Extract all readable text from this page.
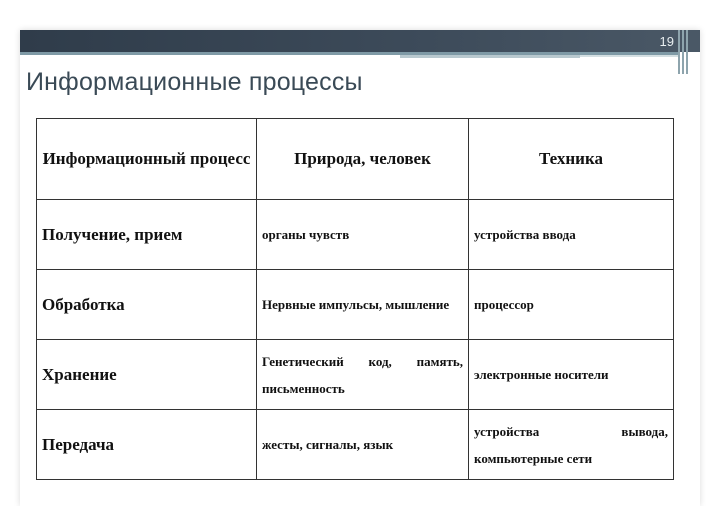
19
Информационные процессы
Информационный процесс	Природа, человек	Техника
Получение, прием	органы чувств	устройства ввода
Обработка	Нервные импульсы, мышление	процессор
Хранение	Генетический код, память, письменность	электронные носители
Передача	жесты, сигналы, язык	устройства вывода, компьютерные сети
